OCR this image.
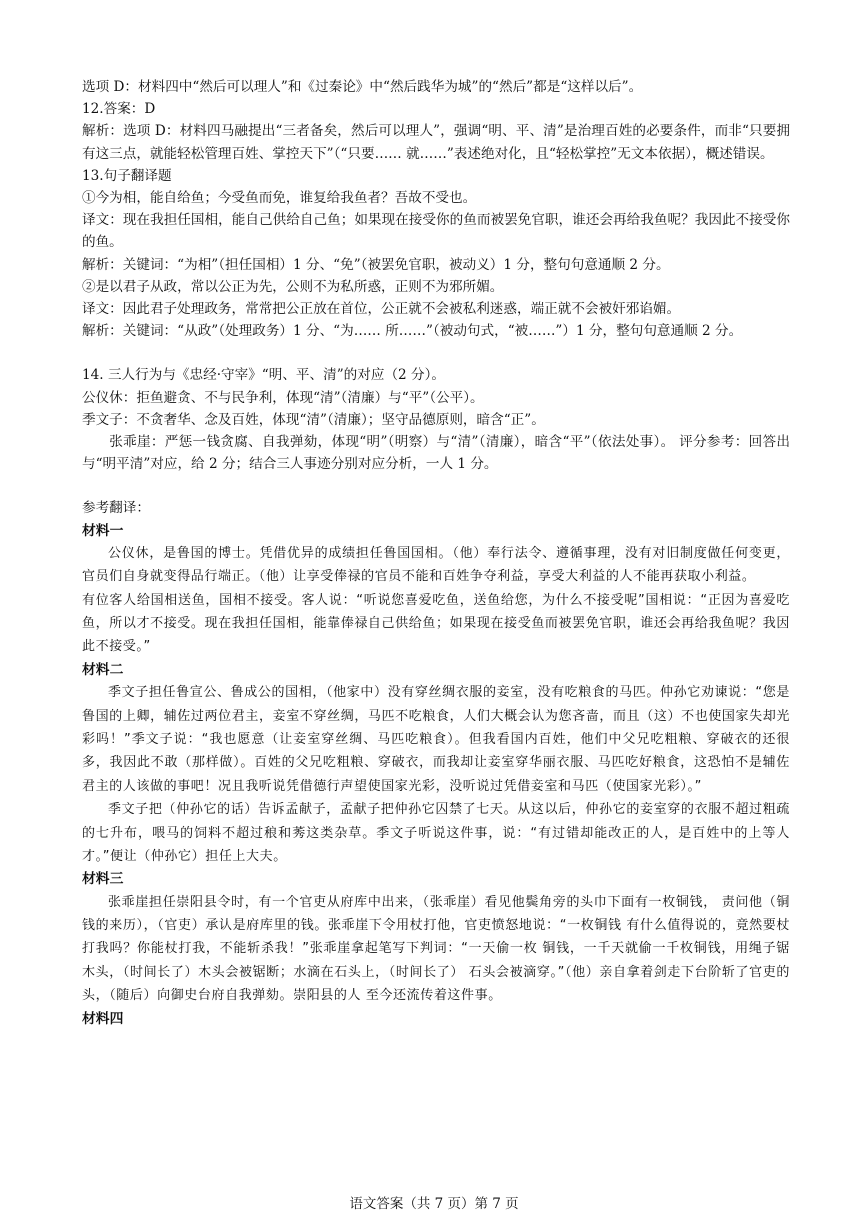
选项 D：材料四中“然后可以理人”和《过秦论》中“然后践华为城”的“然后”都是“这样以后”。

12.答案：D

解析：选项 D：材料四马融提出“三者备矣，然后可以理人”，强调“明、平、清”是治理百姓的必要条件，而非“只要拥有这三点，就能轻松管理百姓、掌控天下”（“只要…… 就……”表述绝对化，且“轻松掌控”无文本依据），概述错误。

13.句子翻译题

①今为相，能自给鱼；今受鱼而免，谁复给我鱼者？吾故不受也。

译文：现在我担任国相，能自己供给自己鱼；如果现在接受你的鱼而被罢免官职，谁还会再给我鱼呢？我因此不接受你的鱼。

解析：关键词：“为相”（担任国相）1 分、“免”（被罢免官职，被动义）1 分，整句句意通顺 2 分。

②是以君子从政，常以公正为先，公则不为私所惑，正则不为邪所媚。

译文：因此君子处理政务，常常把公正放在首位，公正就不会被私利迷惑，端正就不会被奸邪谄媚。

解析：关键词：“从政”（处理政务）1 分、“为…… 所……”（被动句式，“被……”）1 分，整句句意通顺 2 分。

14. 三人行为与《忠经·守宰》“明、平、清”的对应（2 分）。

公仪休：拒鱼避贪、不与民争利，体现“清”（清廉）与“平”（公平）。

季文子：不贪奢华、念及百姓，体现“清”（清廉）；坚守品德原则，暗含“正”。

张乖崖：严惩一钱贪腐、自我弹劾，体现“明”（明察）与“清”（清廉），暗含“平”（依法处事）。 评分参考：回答出与“明平清”对应，给 2 分；结合三人事迹分别对应分析，一人 1 分。

参考翻译：

材料一

公仪休，是鲁国的博士。凭借优异的成绩担任鲁国国相。（他）奉行法令、遵循事理，没有对旧制度做任何变更，官员们自身就变得品行端正。（他）让享受俸禄的官员不能和百姓争夺利益，享受大利益的人不能再获取小利益。

有位客人给国相送鱼，国相不接受。客人说：“听说您喜爱吃鱼，送鱼给您，为什么不接受呢”国相说：“正因为喜爱吃鱼，所以才不接受。现在我担任国相，能靠俸禄自己供给鱼；如果现在接受鱼而被罢免官职，谁还会再给我鱼呢？我因此不接受。”

材料二

季文子担任鲁宣公、鲁成公的国相，（他家中）没有穿丝绸衣服的妾室，没有吃粮食的马匹。仲孙它劝谏说：“您是鲁国的上卿，辅佐过两位君主，妾室不穿丝绸，马匹不吃粮食，人们大概会认为您吝啬，而且（这）不也使国家失却光彩吗！”季文子说：“我也愿意（让妾室穿丝绸、马匹吃粮食）。但我看国内百姓，他们中父兄吃粗粮、穿破衣的还很多，我因此不敢（那样做）。百姓的父兄吃粗粮、穿破衣，而我却让妾室穿华丽衣服、马匹吃好粮食，这恐怕不是辅佐君主的人该做的事吧！况且我听说凭借德行声望使国家光彩，没听说过凭借妾室和马匹（使国家光彩）。”

季文子把（仲孙它的话）告诉孟献子，孟献子把仲孙它囚禁了七天。从这以后，仲孙它的妾室穿的衣服不超过粗疏的七升布，喂马的饲料不超过稂和莠这类杂草。季文子听说这件事，说：“有过错却能改正的人，是百姓中的上等人才。”便让（仲孙它）担任上大夫。

材料三

张乖崖担任崇阳县令时，有一个官吏从府库中出来，（张乖崖）看见他鬓角旁的头巾下面有一枚铜钱， 责问他（铜钱的来历），（官吏）承认是府库里的钱。张乖崖下令用杖打他，官吏愤怒地说：“一枚铜钱 有什么值得说的，竟然要杖打我吗？你能杖打我，不能斩杀我！”张乖崖拿起笔写下判词：“一天偷一枚 铜钱，一千天就偷一千枚铜钱，用绳子锯木头，（时间长了）木头会被锯断；水滴在石头上，（时间长了） 石头会被滴穿。”（他）亲自拿着剑走下台阶斩了官吏的头，（随后）向御史台府自我弹劾。崇阳县的人 至今还流传着这件事。

材料四

语文答案（共 7 页）第 7 页
